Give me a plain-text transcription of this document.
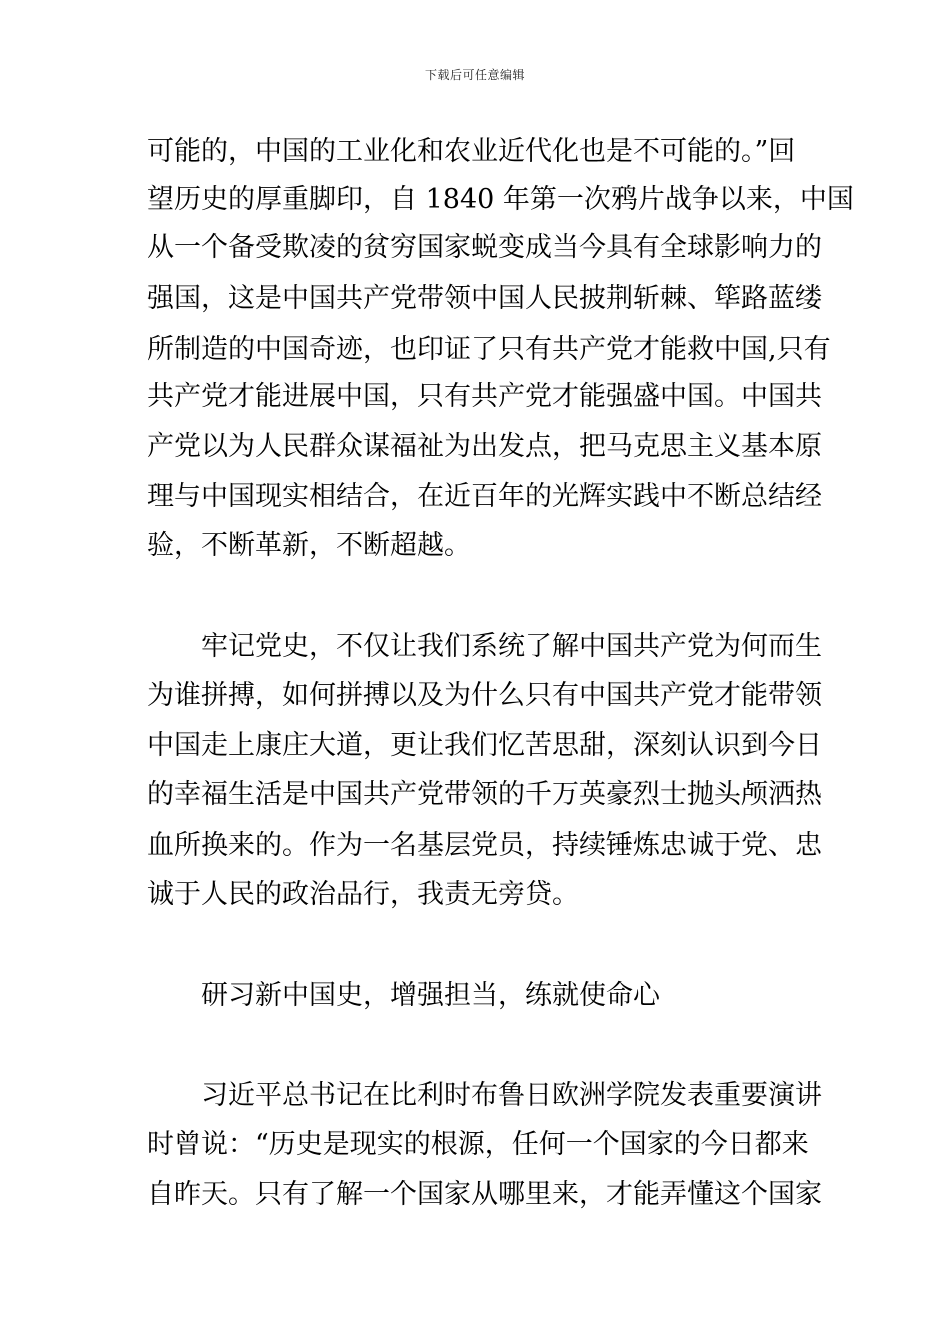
下载后可任意编辑
可能的，中国的工业化和农业近代化也是不可能的。”回
望历史的厚重脚印，自 1840 年第一次鸦片战争以来，中国
从一个备受欺凌的贫穷国家蜕变成当今具有全球影响力的
强国，这是中国共产党带领中国人民披荆斩棘、筚路蓝缕
所制造的中国奇迹，也印证了只有共产党才能救中国,只有
共产党才能进展中国，只有共产党才能强盛中国。中国共
产党以为人民群众谋福祉为出发点，把马克思主义基本原
理与中国现实相结合，在近百年的光辉实践中不断总结经
验，不断革新，不断超越。
　　牢记党史，不仅让我们系统了解中国共产党为何而生
为谁拼搏，如何拼搏以及为什么只有中国共产党才能带领
中国走上康庄大道，更让我们忆苦思甜，深刻认识到今日
的幸福生活是中国共产党带领的千万英豪烈士抛头颅洒热
血所换来的。作为一名基层党员，持续锤炼忠诚于党、忠
诚于人民的政治品行，我责无旁贷。
　　研习新中国史，增强担当，练就使命心
　　习近平总书记在比利时布鲁日欧洲学院发表重要演讲
时曾说：“历史是现实的根源，任何一个国家的今日都来
自昨天。只有了解一个国家从哪里来，才能弄懂这个国家
